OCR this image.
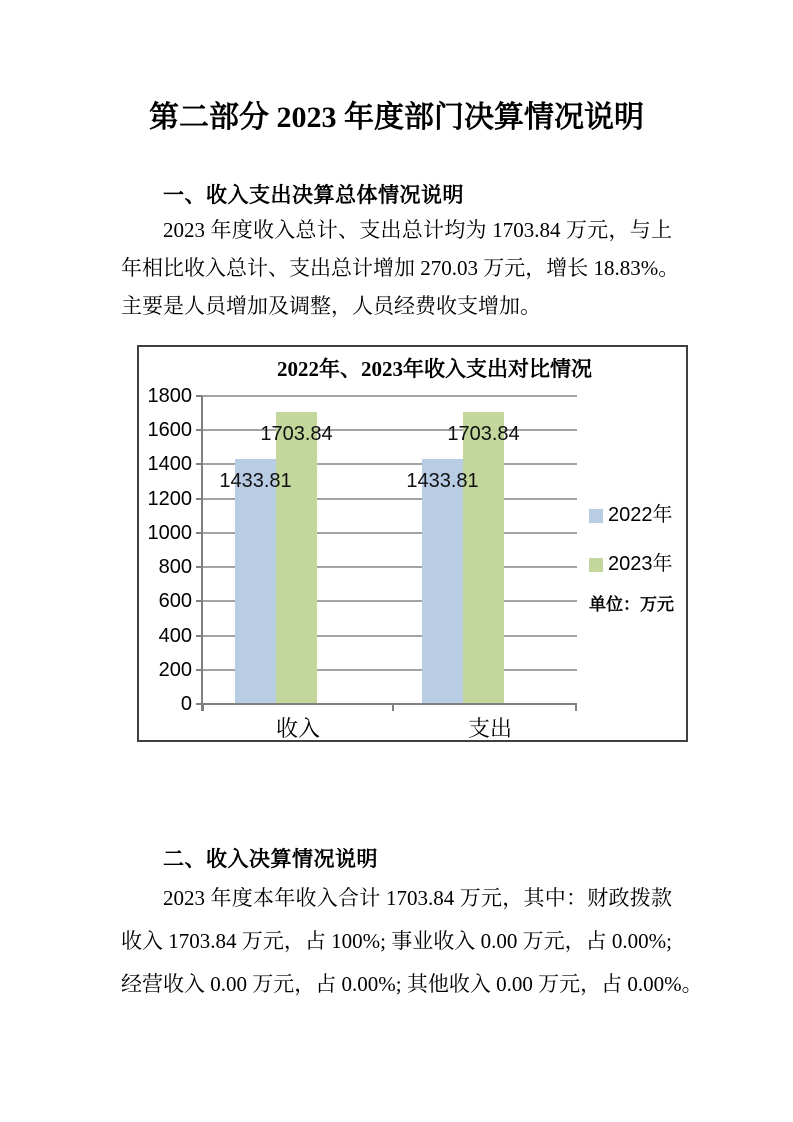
第二部分 2023 年度部门决算情况说明
一、收入支出决算总体情况说明
2023 年度收入总计、支出总计均为 1703.84 万元，与上
年相比收入总计、支出总计增加 270.03 万元，增长 18.83%。
主要是人员增加及调整，人员经费收支增加。
2022年、2023年收入支出对比情况
1800
1600
1400
1200
1000
800
600
400
200
0
1433.81
1703.84
1433.81
1703.84
收入	支出
2022年
2023年
单位：万元
二、收入决算情况说明
2023 年度本年收入合计 1703.84 万元，其中：财政拨款
收入 1703.84 万元，占 100%; 事业收入 0.00 万元，占 0.00%;
经营收入 0.00 万元，占 0.00%; 其他收入 0.00 万元，占 0.00%。
